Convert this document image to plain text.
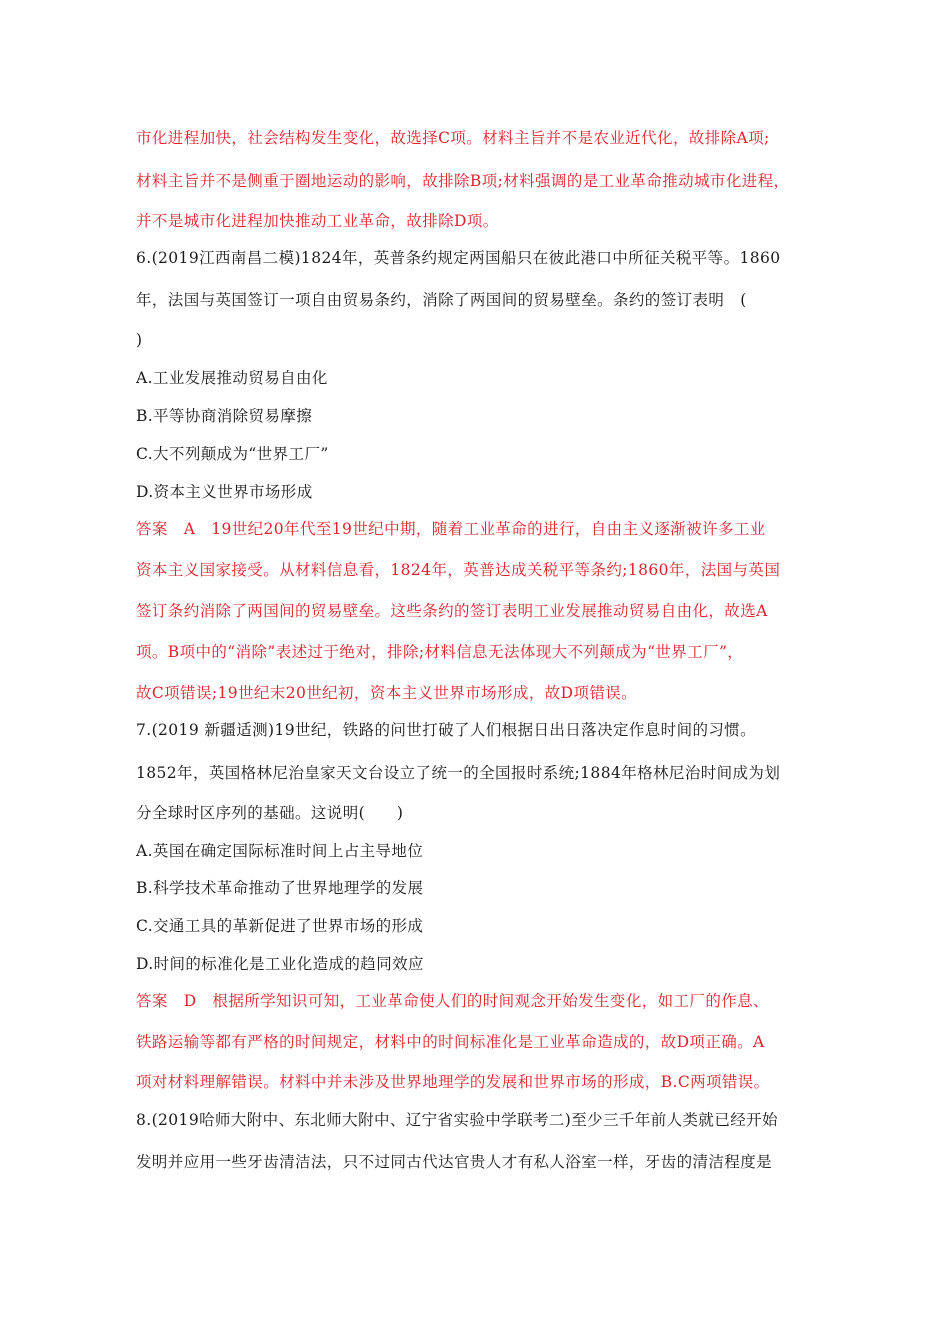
市化进程加快，社会结构发生变化，故选择C项。材料主旨并不是农业近代化，故排除A项;
材料主旨并不是侧重于圈地运动的影响，故排除B项;材料强调的是工业革命推动城市化进程，
并不是城市化进程加快推动工业革命，故排除D项。
6.(2019江西南昌二模)1824年，英普条约规定两国船只在彼此港口中所征关税平等。1860
年，法国与英国签订一项自由贸易条约，消除了两国间的贸易壁垒。条约的签订表明　(
)
A.工业发展推动贸易自由化
B.平等协商消除贸易摩擦
C.大不列颠成为“世界工厂”
D.资本主义世界市场形成
答案　A　19世纪20年代至19世纪中期，随着工业革命的进行，自由主义逐渐被许多工业
资本主义国家接受。从材料信息看，1824年，英普达成关税平等条约;1860年，法国与英国
签订条约消除了两国间的贸易壁垒。这些条约的签订表明工业发展推动贸易自由化，故选A
项。B项中的“消除”表述过于绝对，排除;材料信息无法体现大不列颠成为“世界工厂”，
故C项错误;19世纪末20世纪初，资本主义世界市场形成，故D项错误。
7.(2019 新疆适测)19世纪，铁路的问世打破了人们根据日出日落决定作息时间的习惯。
1852年，英国格林尼治皇家天文台设立了统一的全国报时系统;1884年格林尼治时间成为划
分全球时区序列的基础。这说明(　　)
A.英国在确定国际标准时间上占主导地位
B.科学技术革命推动了世界地理学的发展
C.交通工具的革新促进了世界市场的形成
D.时间的标准化是工业化造成的趋同效应
答案　D　根据所学知识可知，工业革命使人们的时间观念开始发生变化，如工厂的作息、
铁路运输等都有严格的时间规定，材料中的时间标准化是工业革命造成的，故D项正确。A
项对材料理解错误。材料中并未涉及世界地理学的发展和世界市场的形成，B.C两项错误。
8.(2019哈师大附中、东北师大附中、辽宁省实验中学联考二)至少三千年前人类就已经开始
发明并应用一些牙齿清洁法，只不过同古代达官贵人才有私人浴室一样，牙齿的清洁程度是
